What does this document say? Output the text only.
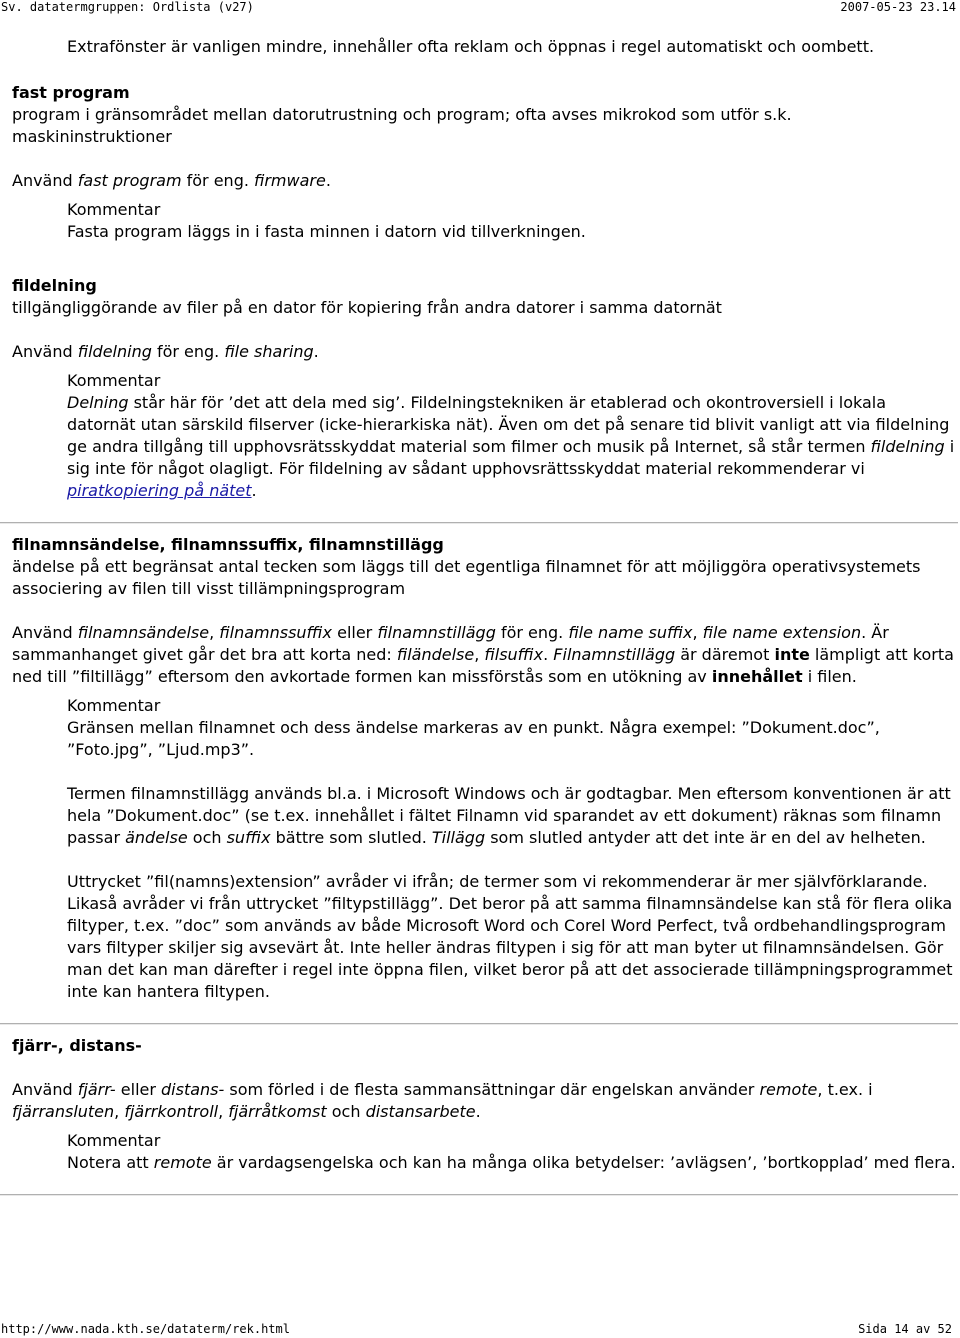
Sv. datatermgruppen: Ordlista (v27)	2007-05-23 23.14

Extrafönster är vanligen mindre, innehåller ofta reklam och öppnas i regel automatiskt och oombett.

fast program

program i gränsområdet mellan datorutrustning och program; ofta avses mikrokod som utför s.k. maskininstruktioner

Använd fast program för eng. firmware.

Kommentar

Fasta program läggs in i fasta minnen i datorn vid tillverkningen.

fildelning

tillgängliggörande av filer på en dator för kopiering från andra datorer i samma datornät

Använd fildelning för eng. file sharing.

Kommentar

Delning står här för ’det att dela med sig’. Fildelningstekniken är etablerad och okontroversiell i lokala datornät utan särskild filserver (icke-hierarkiska nät). Även om det på senare tid blivit vanligt att via fildelning ge andra tillgång till upphovsrätsskyddat material som filmer och musik på Internet, så står termen fildelning i sig inte för något olagligt. För fildelning av sådant upphovsrättsskyddat material rekommenderar vi piratkopiering på nätet.

filnamnsändelse, filnamnssuffix, filnamnstillägg

ändelse på ett begränsat antal tecken som läggs till det egentliga filnamnet för att möjliggöra operativsystemets associering av filen till visst tillämpningsprogram

Använd filnamnsändelse, filnamnssuffix eller filnamnstillägg för eng. file name suffix, file name extension. Är sammanhanget givet går det bra att korta ned: filändelse, filsuffix. Filnamnstillägg är däremot inte lämpligt att korta ned till ”filtillägg” eftersom den avkortade formen kan missförstås som en utökning av innehållet i filen.

Kommentar

Gränsen mellan filnamnet och dess ändelse markeras av en punkt. Några exempel: ”Dokument.doc”, ”Foto.jpg”, ”Ljud.mp3”.

Termen filnamnstillägg används bl.a. i Microsoft Windows och är godtagbar. Men eftersom konventionen är att hela ”Dokument.doc” (se t.ex. innehållet i fältet Filnamn vid sparandet av ett dokument) räknas som filnamn passar ändelse och suffix bättre som slutled. Tillägg som slutled antyder att det inte är en del av helheten.

Uttrycket ”fil(namns)extension” avråder vi ifrån; de termer som vi rekommenderar är mer självförklarande. Likaså avråder vi från uttrycket ”filtypstillägg”. Det beror på att samma filnamnsändelse kan stå för flera olika filtyper, t.ex. ”doc” som används av både Microsoft Word och Corel Word Perfect, två ordbehandlingsprogram vars filtyper skiljer sig avsevärt åt. Inte heller ändras filtypen i sig för att man byter ut filnamnsändelsen. Gör man det kan man därefter i regel inte öppna filen, vilket beror på att det associerade tillämpningsprogrammet inte kan hantera filtypen.

fjärr-, distans-

Använd fjärr- eller distans- som förled i de flesta sammansättningar där engelskan använder remote, t.ex. i fjärransluten, fjärrkontroll, fjärråtkomst och distansarbete.

Kommentar

Notera att remote är vardagsengelska och kan ha många olika betydelser: ’avlägsen’, ’bortkopplad’ med flera.

http://www.nada.kth.se/dataterm/rek.html	Sida 14 av 52
